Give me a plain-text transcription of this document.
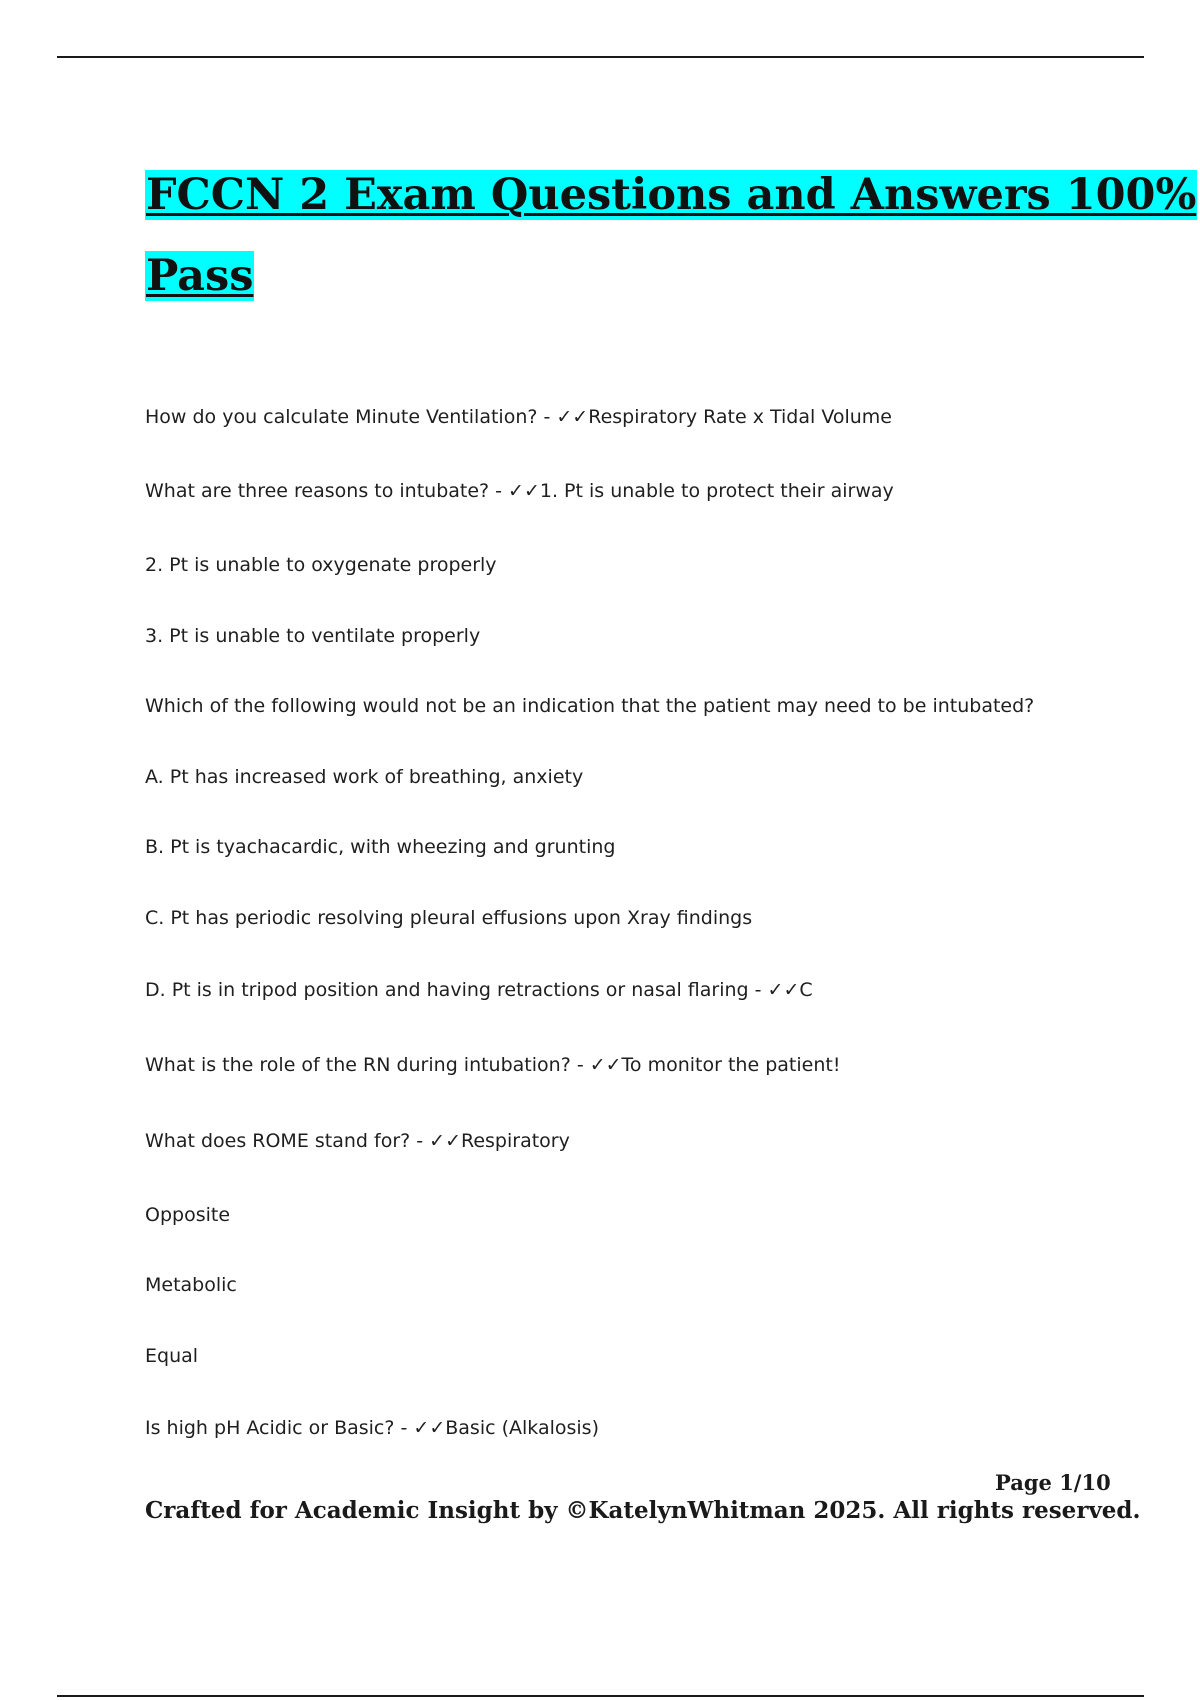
FCCN 2 Exam Questions and Answers 100%
Pass
How do you calculate Minute Ventilation? - ✓✓Respiratory Rate x Tidal Volume
What are three reasons to intubate? - ✓✓1. Pt is unable to protect their airway
2. Pt is unable to oxygenate properly
3. Pt is unable to ventilate properly
Which of the following would not be an indication that the patient may need to be intubated?
A. Pt has increased work of breathing, anxiety
B. Pt is tyachacardic, with wheezing and grunting
C. Pt has periodic resolving pleural effusions upon Xray findings
D. Pt is in tripod position and having retractions or nasal flaring - ✓✓C
What is the role of the RN during intubation? - ✓✓To monitor the patient!
What does ROME stand for? - ✓✓Respiratory
Opposite
Metabolic
Equal
Is high pH Acidic or Basic? - ✓✓Basic (Alkalosis)
Page 1/10
Crafted for Academic Insight by ©KatelynWhitman 2025. All rights reserved.
